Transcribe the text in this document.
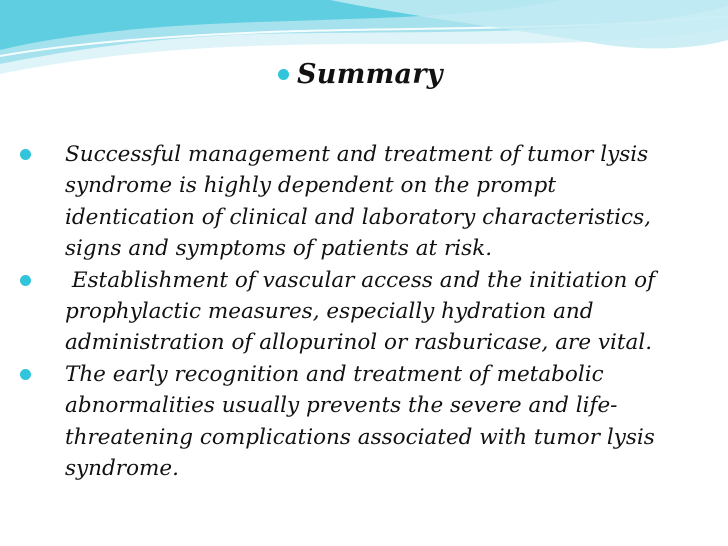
Summary
Successful management and treatment of tumor lysis
syndrome is highly dependent on the prompt
identication of clinical and laboratory characteristics,
signs and symptoms of patients at risk.
Establishment of vascular access and the initiation of
prophylactic measures, especially hydration and
administration of allopurinol or rasburicase, are vital.
The early recognition and treatment of metabolic
abnormalities usually prevents the severe and life-
threatening complications associated with tumor lysis
syndrome.
